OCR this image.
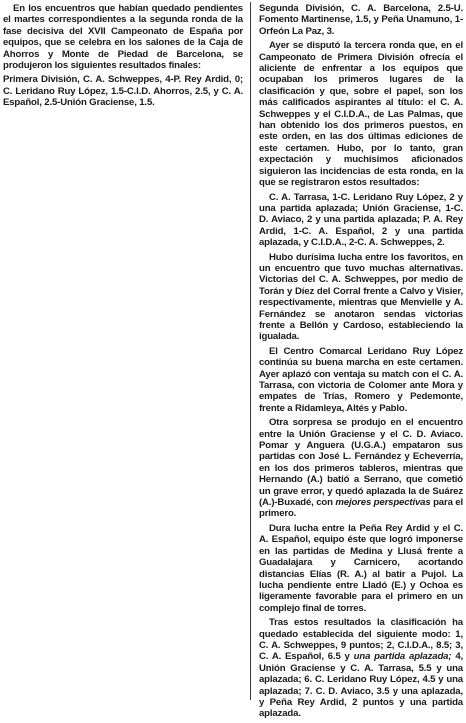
En los encuentros que habían quedado pendientes el martes correspondientes a la segunda ronda de la fase decisiva del XVII Campeonato de España por equipos, que se celebra en los salones de la Caja de Ahorros y Monte de Piedad de Barcelona, se produjeron los siguientes resultados finales:

Primera División, C. A. Schweppes, 4-P. Rey Ardid, 0; C. Leridano Ruy López, 1.5-C.I.D. Ahorros, 2.5, y C. A. Español, 2.5-Unión Graciense, 1.5.

Segunda División, C. A. Barcelona, 2.5-U. Fomento Martinense, 1.5, y Peña Unamuno, 1-Orfeón La Paz, 3.

Ayer se disputó la tercera ronda que, en el Campeonato de Primera División ofrecía el aliciente de enfrentar a los equipos que ocupaban los primeros lugares de la clasificación y que, sobre el papel, son los más calificados aspirantes al título: el C. A. Schweppes y el C.I.D.A., de Las Palmas, que han obtenido los dos primeros puestos, en este orden, en las dos últimas ediciones de este certamen. Hubo, por lo tanto, gran expectación y muchísimos aficionados siguieron las incidencias de esta ronda, en la que se registraron estos resultados:

C. A. Tarrasa, 1-C. Leridano Ruy López, 2 y una partida aplazada; Unión Graciense, 1-C. D. Aviaco, 2 y una partida aplazada; P. A. Rey Ardid, 1-C. A. Español, 2 y una partida aplazada, y C.I.D.A., 2-C. A. Schweppes, 2.

Hubo durísima lucha entre los favoritos, en un encuentro que tuvo muchas alternativas. Victorias del C. A. Schweppes, por medio de Torán y Díez del Corral frente a Calvo y Visier, respectivamente, mientras que Menvielle y A. Fernández se anotaron sendas victorias frente a Bellón y Cardoso, estableciendo la igualada.

El Centro Comarcal Leridano Ruy López continúa su buena marcha en este certamen. Ayer aplazó con ventaja su match con el C. A. Tarrasa, con victoria de Colomer ante Mora y empates de Trías, Romero y Pedemonte, frente a Ridamleya, Altés y Pablo.

Otra sorpresa se produjo en el encuentro entre la Unión Graciense y el C. D. Aviaco. Pomar y Anguera (U.G.A.) empataron sus partidas con José L. Fernández y Echeverría, en los dos primeros tableros, mientras que Hernando (A.) batió a Serrano, que cometió un grave error, y quedó aplazada la de Suárez (A.)-Buxadé, con mejores perspectivas para el primero.

Dura lucha entre la Peña Rey Ardid y el C. A. Español, equipo éste que logró imponerse en las partidas de Medina y Llusá frente a Guadalajara y Carnicero, acortando distancias Elías (R. A.) al batir a Pujol. La lucha pendiente entre Lladó (E.) y Ochoa es ligeramente favorable para el primero en un complejo final de torres.

Tras estos resultados la clasificación ha quedado establecida del siguiente modo: 1, C. A. Schweppes, 9 puntos; 2, C.I.D.A., 8.5; 3, C. A. Español, 6.5 y una partida aplazada; 4, Unión Graciense y C. A. Tarrasa, 5.5 y una aplazada; 6. C. Leridano Ruy López, 4.5 y una aplazada; 7. C. D. Aviaco, 3.5 y una aplazada, y Peña Rey Ardid, 2 puntos y una partida aplazada.
